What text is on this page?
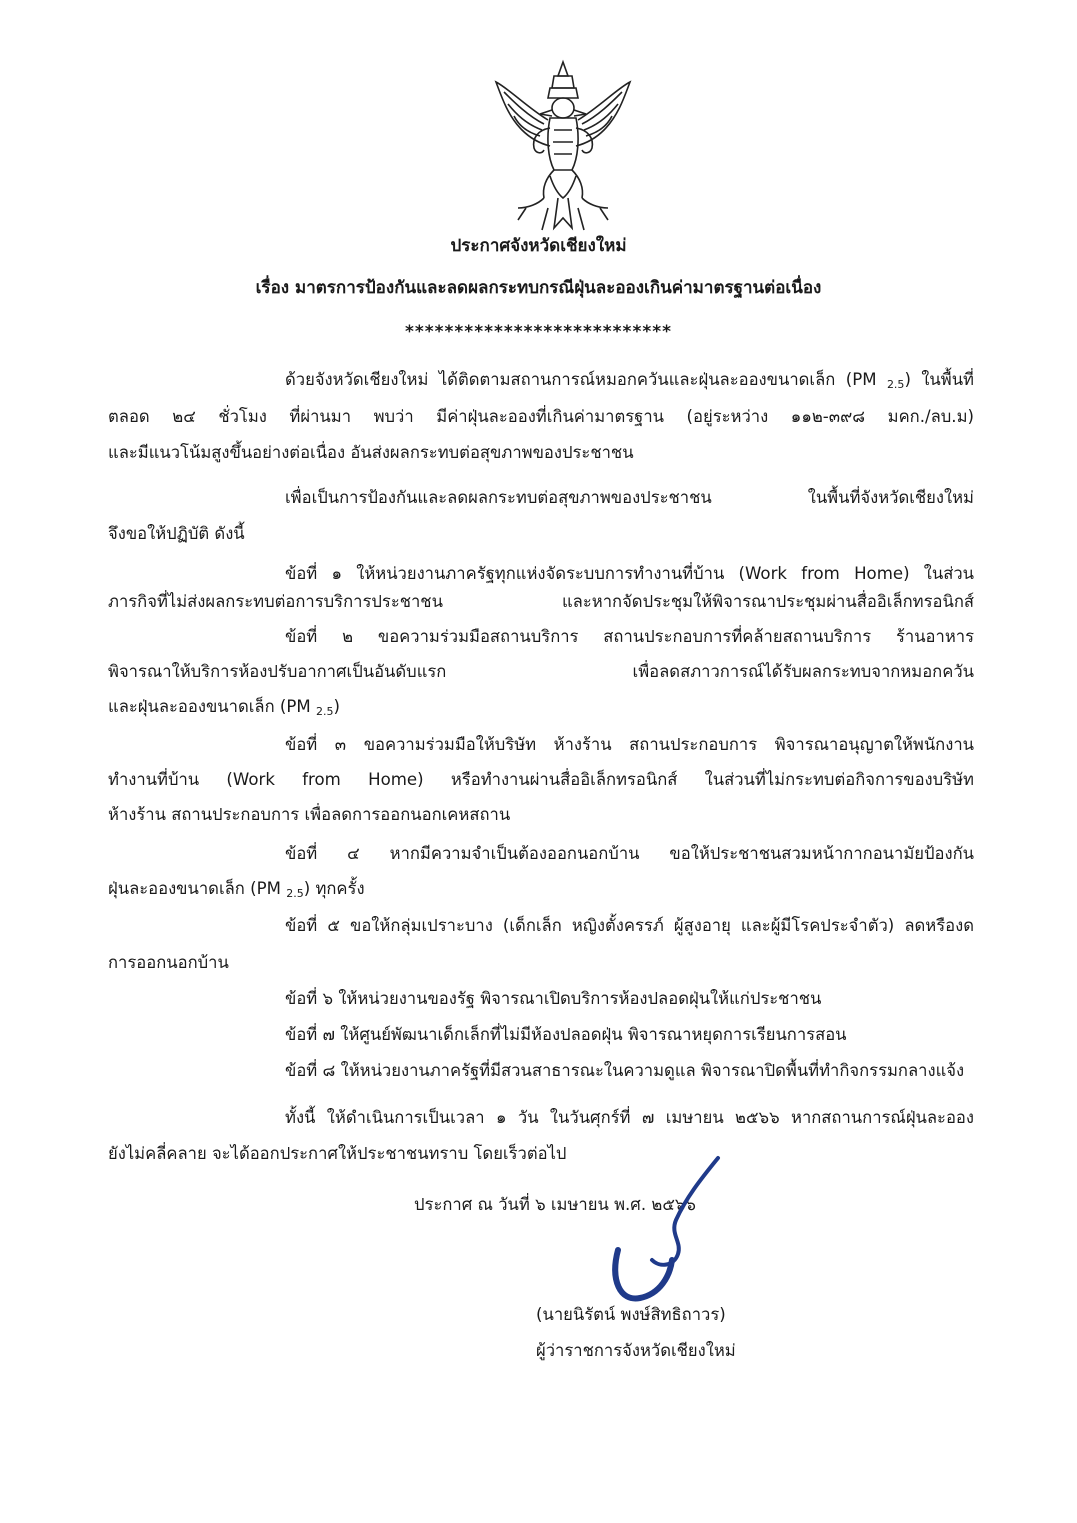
ประกาศจังหวัดเชียงใหม่
เรื่อง มาตรการป้องกันและลดผลกระทบกรณีฝุ่นละอองเกินค่ามาตรฐานต่อเนื่อง
***************************
ด้วยจังหวัดเชียงใหม่ ได้ติดตามสถานการณ์หมอกควันและฝุ่นละอองขนาดเล็ก (PM $_{2.5}$) ในพื้นที่
ตลอด ๒๔ ชั่วโมง ที่ผ่านมา พบว่า มีค่าฝุ่นละอองที่เกินค่ามาตรฐาน (อยู่ระหว่าง ๑๑๒-๓๙๘ มคก./ลบ.ม)
และมีแนวโน้มสูงขึ้นอย่างต่อเนื่อง อันส่งผลกระทบต่อสุขภาพของประชาชน
เพื่อเป็นการป้องกันและลดผลกระทบต่อสุขภาพของประชาชน ในพื้นที่จังหวัดเชียงใหม่
จึงขอให้ปฏิบัติ ดังนี้
ข้อที่ ๑ ให้หน่วยงานภาครัฐทุกแห่งจัดระบบการทำงานที่บ้าน (Work from Home) ในส่วน
ภารกิจที่ไม่ส่งผลกระทบต่อการบริการประชาชน และหากจัดประชุมให้พิจารณาประชุมผ่านสื่ออิเล็กทรอนิกส์
ข้อที่ ๒ ขอความร่วมมือสถานบริการ สถานประกอบการที่คล้ายสถานบริการ ร้านอาหาร
พิจารณาให้บริการห้องปรับอากาศเป็นอันดับแรก เพื่อลดสภาวการณ์ได้รับผลกระทบจากหมอกควัน
และฝุ่นละอองขนาดเล็ก (PM $_{2.5}$)
ข้อที่ ๓ ขอความร่วมมือให้บริษัท ห้างร้าน สถานประกอบการ พิจารณาอนุญาตให้พนักงาน
ทำงานที่บ้าน (Work from Home) หรือทำงานผ่านสื่ออิเล็กทรอนิกส์ ในส่วนที่ไม่กระทบต่อกิจการของบริษัท
ห้างร้าน สถานประกอบการ เพื่อลดการออกนอกเคหสถาน
ข้อที่ ๔ หากมีความจำเป็นต้องออกนอกบ้าน ขอให้ประชาชนสวมหน้ากากอนามัยป้องกัน
ฝุ่นละอองขนาดเล็ก (PM $_{2.5}$) ทุกครั้ง
ข้อที่ ๕ ขอให้กลุ่มเปราะบาง (เด็กเล็ก หญิงตั้งครรภ์ ผู้สูงอายุ และผู้มีโรคประจำตัว) ลดหรืองด
การออกนอกบ้าน
ข้อที่ ๖ ให้หน่วยงานของรัฐ พิจารณาเปิดบริการห้องปลอดฝุ่นให้แก่ประชาชน
ข้อที่ ๗ ให้ศูนย์พัฒนาเด็กเล็กที่ไม่มีห้องปลอดฝุ่น พิจารณาหยุดการเรียนการสอน
ข้อที่ ๘ ให้หน่วยงานภาครัฐที่มีสวนสาธารณะในความดูแล พิจารณาปิดพื้นที่ทำกิจกรรมกลางแจ้ง
ทั้งนี้ ให้ดำเนินการเป็นเวลา ๑ วัน ในวันศุกร์ที่ ๗ เมษายน ๒๕๖๖ หากสถานการณ์ฝุ่นละออง
ยังไม่คลี่คลาย จะได้ออกประกาศให้ประชาชนทราบ โดยเร็วต่อไป
ประกาศ ณ วันที่ ๖ เมษายน พ.ศ. ๒๕๖๖
(นายนิรัตน์ พงษ์สิทธิถาวร)
ผู้ว่าราชการจังหวัดเชียงใหม่
